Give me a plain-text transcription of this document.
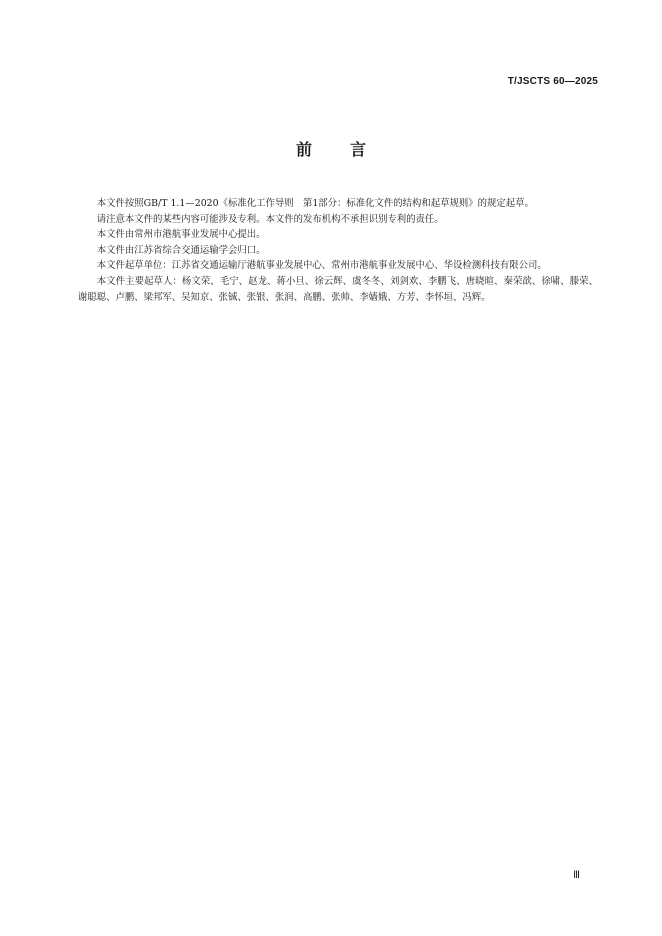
T/JSCTS 60—2025
前言

本文件按照GB/T 1.1—2020《标准化工作导则　第1部分：标准化文件的结构和起草规则》的规定起草。

请注意本文件的某些内容可能涉及专利。本文件的发布机构不承担识别专利的责任。

本文件由常州市港航事业发展中心提出。

本文件由江苏省综合交通运输学会归口。

本文件起草单位：江苏省交通运输厅港航事业发展中心、常州市港航事业发展中心、华设检测科技有限公司。

本文件主要起草人：杨文荣、毛宁、赵龙、蒋小旦、徐云辉、虞冬冬、刘剑欢、李鹏飞、唐晓暄、秦荣歆、徐啸、滕荣、谢聪聪、卢鹏、梁邦军、吴知京、张铖、张银、张润、高鹏、张帅、李嫱娥、方芳、李怀垣、冯辉。

Ⅲ
